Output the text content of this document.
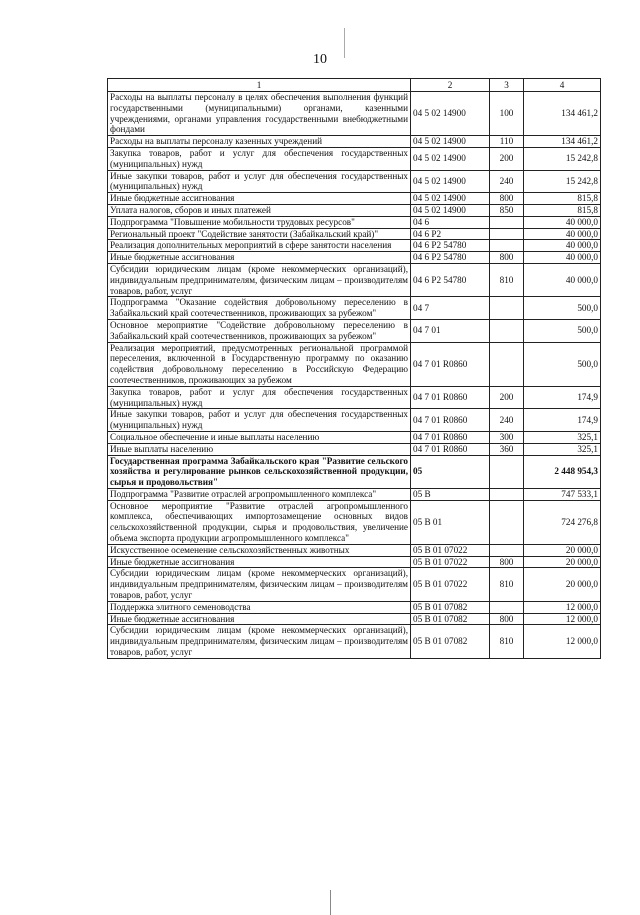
10
1	2	3	4
Расходы на выплаты персоналу в целях обеспечения выполнения функций государственными (муниципальными) органами, казенными учреждениями, органами управления государственными внебюджетными фондами	04 5 02 14900	100	134 461,2
Расходы на выплаты персоналу казенных учреждений	04 5 02 14900	110	134 461,2
Закупка товаров, работ и услуг для обеспечения государственных (муниципальных) нужд	04 5 02 14900	200	15 242,8
Иные закупки товаров, работ и услуг для обеспечения государственных (муниципальных) нужд	04 5 02 14900	240	15 242,8
Иные бюджетные ассигнования	04 5 02 14900	800	815,8
Уплата налогов, сборов и иных платежей	04 5 02 14900	850	815,8
Подпрограмма "Повышение мобильности трудовых ресурсов"	04 6		40 000,0
Региональный проект "Содействие занятости (Забайкальский край)"	04 6 P2		40 000,0
Реализация дополнительных мероприятий в сфере занятости населения	04 6 P2 54780		40 000,0
Иные бюджетные ассигнования	04 6 P2 54780	800	40 000,0
Субсидии юридическим лицам (кроме некоммерческих организаций), индивидуальным предпринимателям, физическим лицам – производителям товаров, работ, услуг	04 6 P2 54780	810	40 000,0
Подпрограмма "Оказание содействия добровольному переселению в Забайкальский край соотечественников, проживающих за рубежом"	04 7		500,0
Основное мероприятие "Содействие добровольному переселению в Забайкальский край соотечественников, проживающих за рубежом"	04 7 01		500,0
Реализация мероприятий, предусмотренных региональной программой переселения, включенной в Государственную программу по оказанию содействия добровольному переселению в Российскую Федерацию соотечественников, проживающих за рубежом	04 7 01 R0860		500,0
Закупка товаров, работ и услуг для обеспечения государственных (муниципальных) нужд	04 7 01 R0860	200	174,9
Иные закупки товаров, работ и услуг для обеспечения государственных (муниципальных) нужд	04 7 01 R0860	240	174,9
Социальное обеспечение и иные выплаты населению	04 7 01 R0860	300	325,1
Иные выплаты населению	04 7 01 R0860	360	325,1
Государственная программа Забайкальского края "Развитие сельского хозяйства и регулирование рынков сельскохозяйственной продукции, сырья и продовольствия"	05		2 448 954,3
Подпрограмма "Развитие отраслей агропромышленного комплекса"	05 В		747 533,1
Основное мероприятие "Развитие отраслей агропромышленного комплекса, обеспечивающих импортозамещение основных видов сельскохозяйственной продукции, сырья и продовольствия, увеличение объема экспорта продукции агропромышленного комплекса"	05 В 01		724 276,8
Искусственное осеменение сельскохозяйственных животных	05 В 01 07022		20 000,0
Иные бюджетные ассигнования	05 В 01 07022	800	20 000,0
Субсидии юридическим лицам (кроме некоммерческих организаций), индивидуальным предпринимателям, физическим лицам – производителям товаров, работ, услуг	05 В 01 07022	810	20 000,0
Поддержка элитного семеноводства	05 В 01 07082		12 000,0
Иные бюджетные ассигнования	05 В 01 07082	800	12 000,0
Субсидии юридическим лицам (кроме некоммерческих организаций), индивидуальным предпринимателям, физическим лицам – производителям товаров, работ, услуг	05 В 01 07082	810	12 000,0
